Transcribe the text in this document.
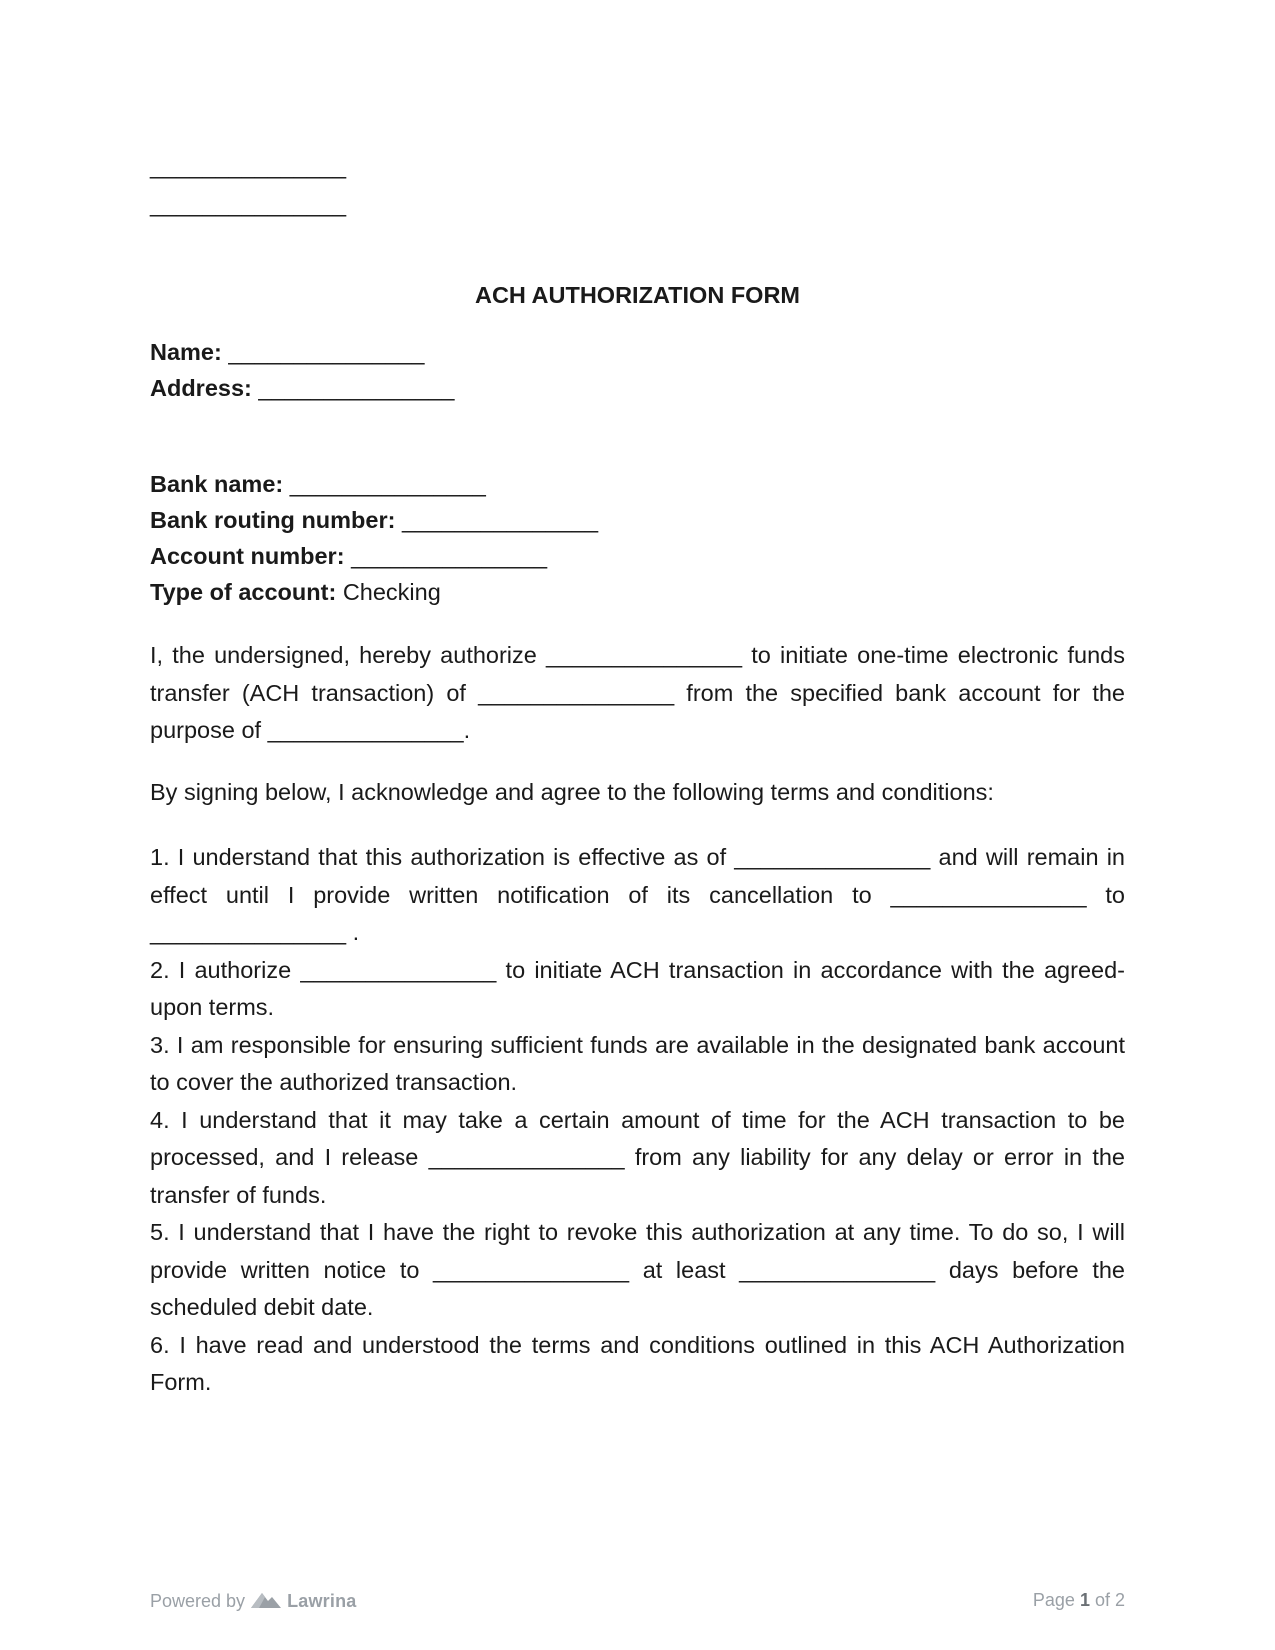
_______________
_______________
ACH AUTHORIZATION FORM
Name: _______________
Address: _______________
Bank name: _______________
Bank routing number: _______________
Account number: _______________
Type of account: Checking
I, the undersigned, hereby authorize _______________ to initiate one-time electronic funds transfer (ACH transaction) of _______________ from the specified bank account for the purpose of _______________.
By signing below, I acknowledge and agree to the following terms and conditions:

1. I understand that this authorization is effective as of _______________ and will remain in effect until I provide written notification of its cancellation to _______________ to _______________ .

2. I authorize _______________ to initiate ACH transaction in accordance with the agreed-upon terms.

3. I am responsible for ensuring sufficient funds are available in the designated bank account to cover the authorized transaction.

4. I understand that it may take a certain amount of time for the ACH transaction to be processed, and I release _______________ from any liability for any delay or error in the transfer of funds.

5. I understand that I have the right to revoke this authorization at any time. To do so, I will provide written notice to _______________ at least _______________ days before the scheduled debit date.

6. I have read and understood the terms and conditions outlined in this ACH Authorization Form.

Powered by Lawrina	Page 1 of 2
